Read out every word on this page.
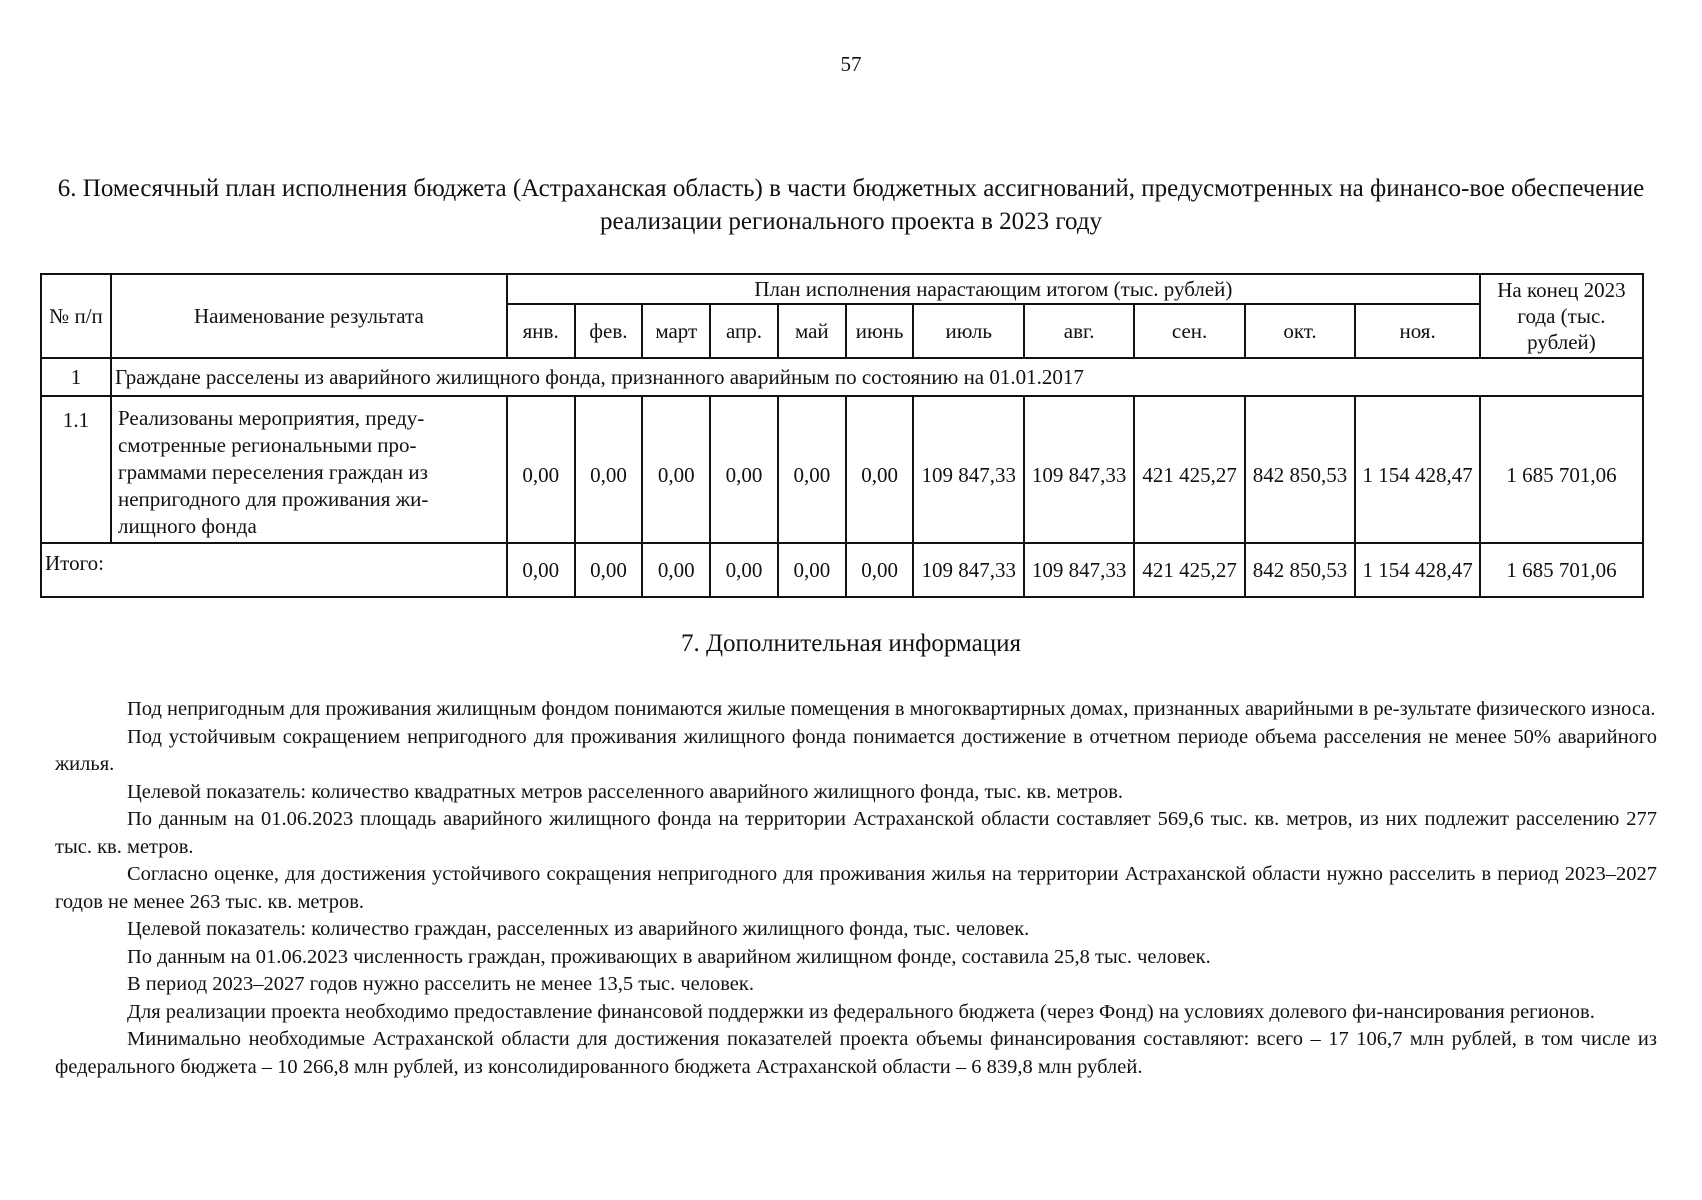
57
6. Помесячный план исполнения бюджета (Астраханская область) в части бюджетных ассигнований, предусмотренных на финансо-вое обеспечение реализации регионального проекта в 2023 году
№ п/п	Наименование результата	План исполнения нарастающим итогом (тыс. рублей)											На конец 2023 года (тыс. рублей)
		янв.	фев.	март	апр.	май	июнь	июль	авг.	сен.	окт.	ноя.	
1	Граждане расселены из аварийного жилищного фонда, признанного аварийным по состоянию на 01.01.2017												
1.1	Реализованы мероприятия, преду-смотренные региональными про-граммами переселения граждан из непригодного для проживания жи-лищного фонда	0,00	0,00	0,00	0,00	0,00	0,00	109 847,33	109 847,33	421 425,27	842 850,53	1 154 428,47	1 685 701,06
Итого:		0,00	0,00	0,00	0,00	0,00	0,00	109 847,33	109 847,33	421 425,27	842 850,53	1 154 428,47	1 685 701,06
7. Дополнительная информация

Под непригодным для проживания жилищным фондом понимаются жилые помещения в многоквартирных домах, признанных аварийными в ре-зультате физического износа.

Под устойчивым сокращением непригодного для проживания жилищного фонда понимается достижение в отчетном периоде объема расселения не менее 50% аварийного жилья.

Целевой показатель: количество квадратных метров расселенного аварийного жилищного фонда, тыс. кв. метров.

По данным на 01.06.2023 площадь аварийного жилищного фонда на территории Астраханской области составляет 569,6 тыс. кв. метров, из них подлежит расселению 277 тыс. кв. метров.

Согласно оценке, для достижения устойчивого сокращения непригодного для проживания жилья на территории Астраханской области нужно расселить в период 2023–2027 годов не менее 263 тыс. кв. метров.

Целевой показатель: количество граждан, расселенных из аварийного жилищного фонда, тыс. человек.

По данным на 01.06.2023 численность граждан, проживающих в аварийном жилищном фонде, составила 25,8 тыс. человек.

В период 2023–2027 годов нужно расселить не менее 13,5 тыс. человек.

Для реализации проекта необходимо предоставление финансовой поддержки из федерального бюджета (через Фонд) на условиях долевого фи-нансирования регионов.

Минимально необходимые Астраханской области для достижения показателей проекта объемы финансирования составляют: всего – 17 106,7 млн рублей, в том числе из федерального бюджета – 10 266,8 млн рублей, из консолидированного бюджета Астраханской области – 6 839,8 млн рублей.
